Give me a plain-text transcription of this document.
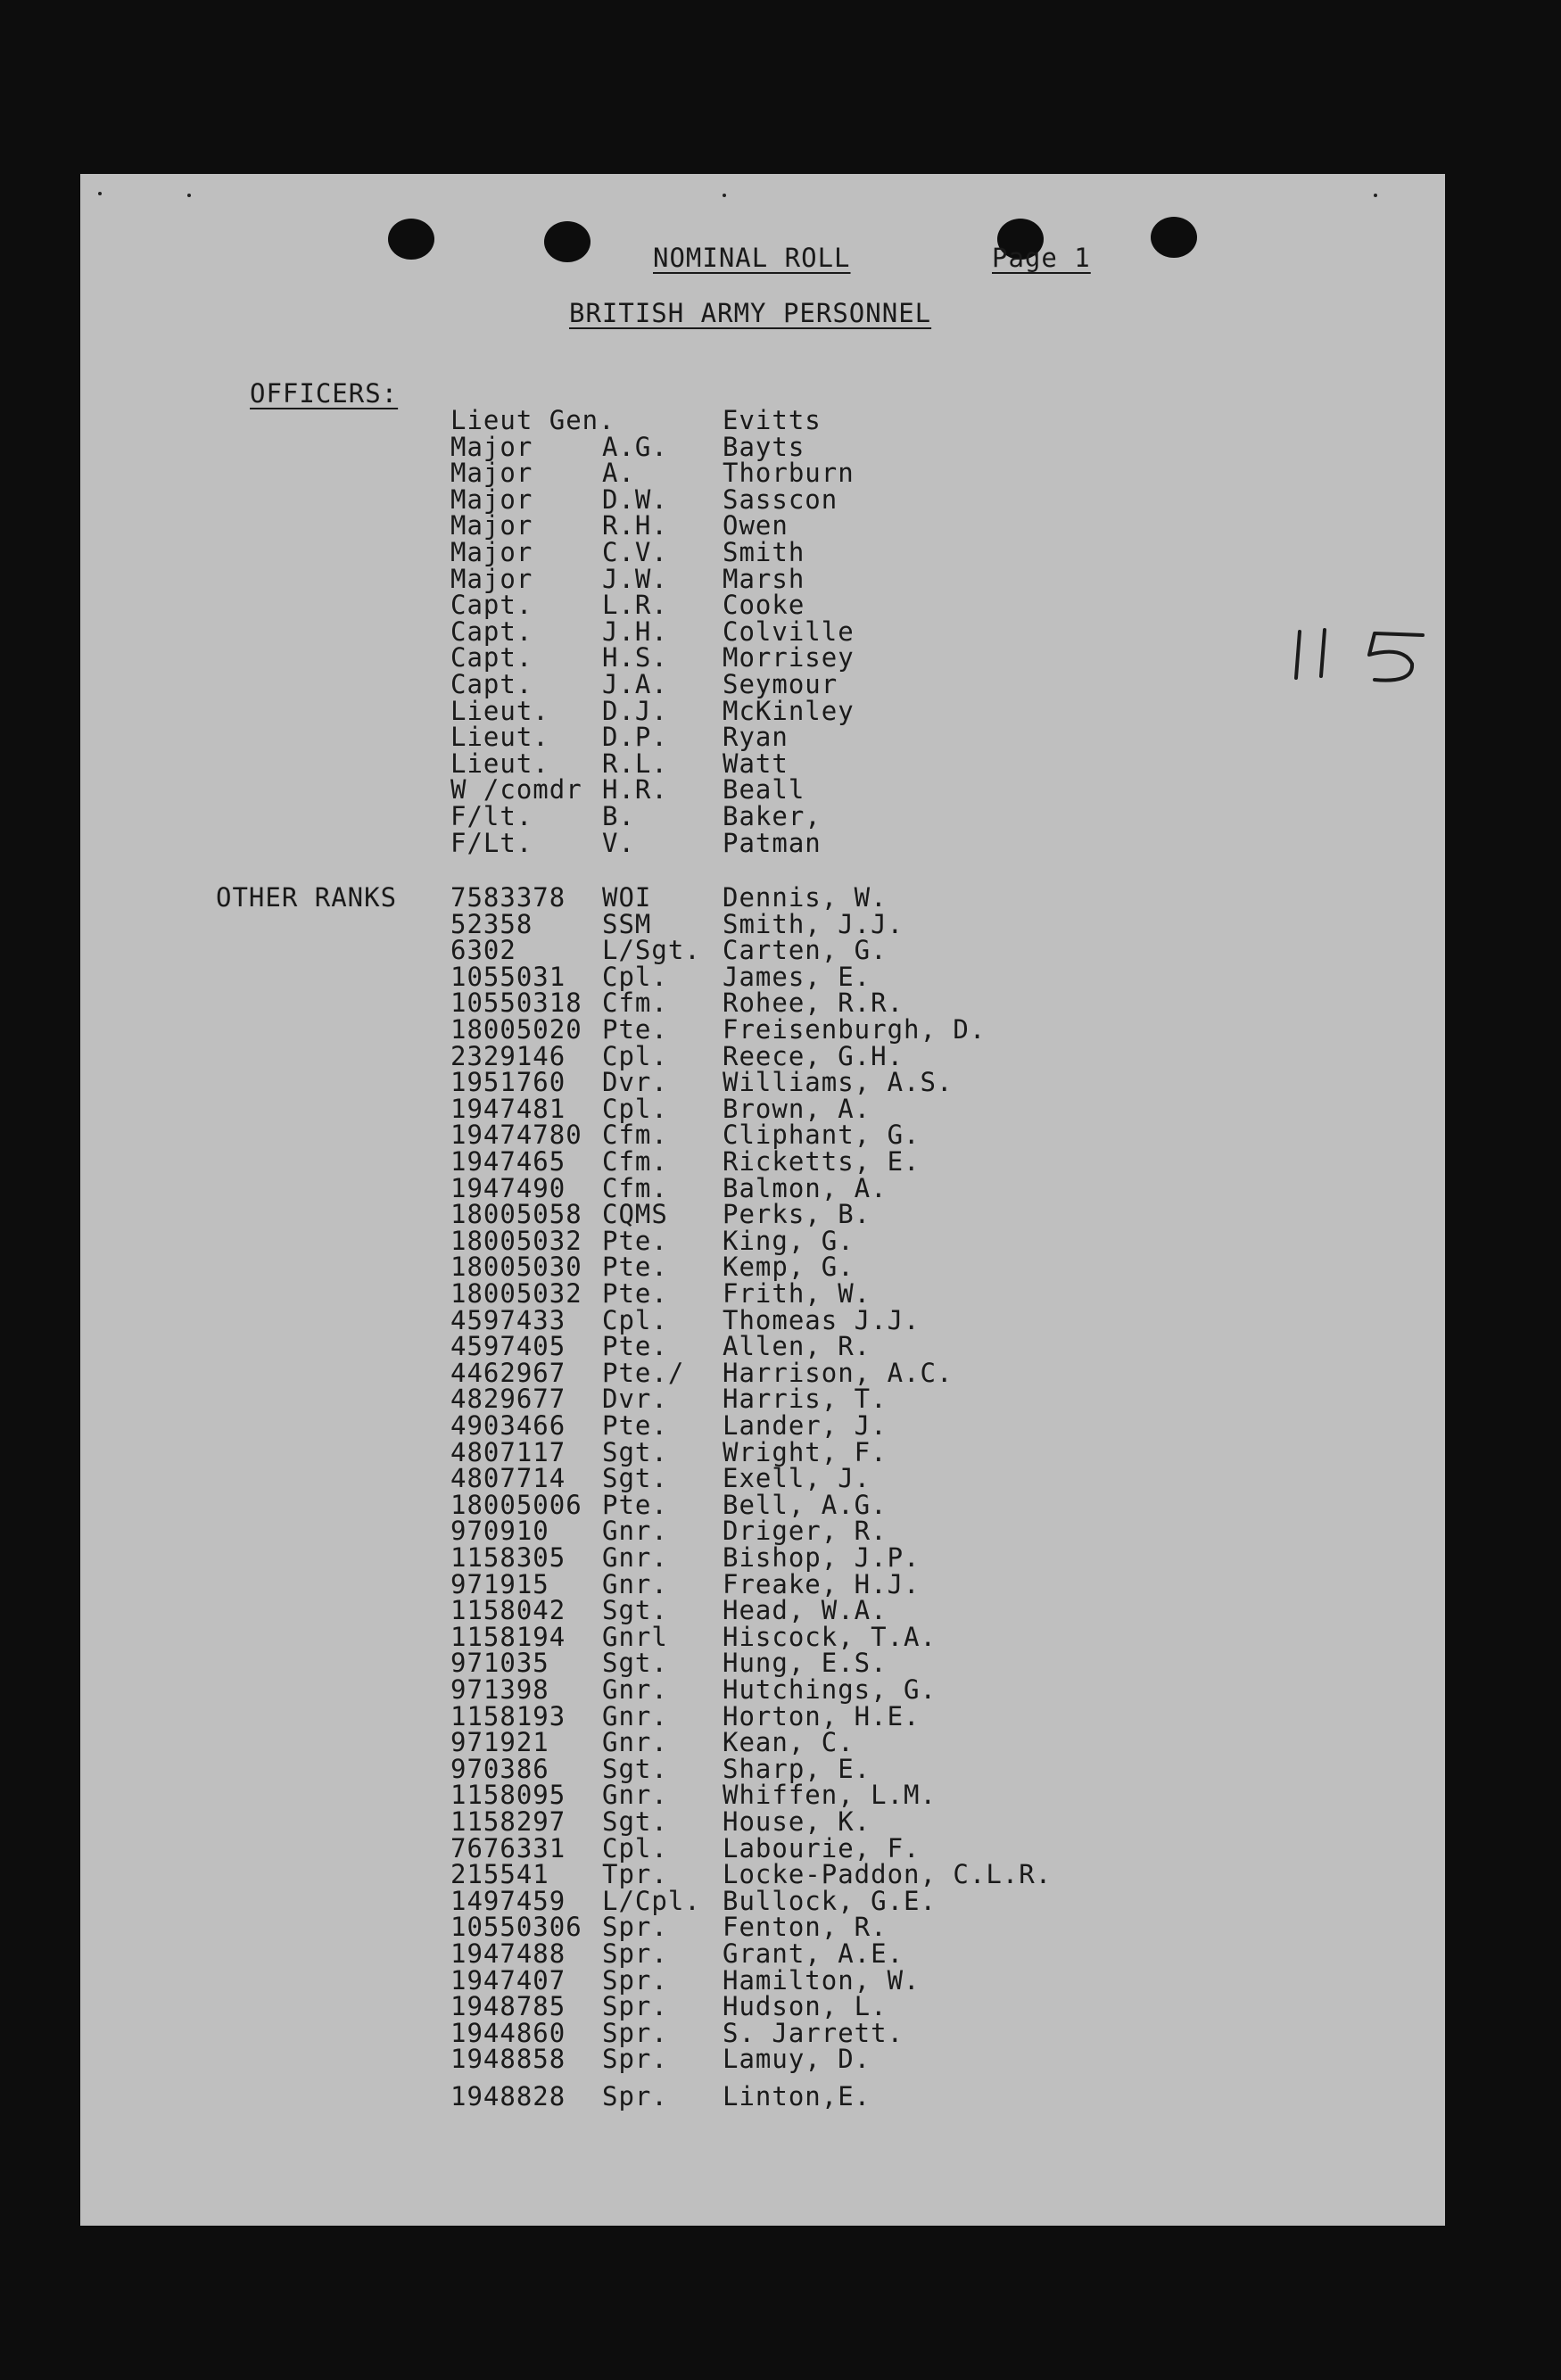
NOMINAL ROLL	Page 1
BRITISH ARMY PERSONNEL
OFFICERS:
Lieut Gen.	Evitts
Major	A.G. Bayts
Major	A.	Thorburn
Major	D.W. Sasscon
Major	R.H. Owen
Major	C.V. Smith
Major	J.W. Marsh
Capt.	L.R. Cooke
Capt.	J.H. Colville
Capt.	H.S. Morrisey
Capt.	J.A. Seymour
Lieut. D.J. McKinley
Lieut. D.P. Ryan
Lieut. R.L. Watt
W /comdr H.R. Beall
F/lt.	B.	Baker,
F/Lt.	V.	Patman
OTHER RANKS 7583378 WOI	Dennis, W.
52358	SSM	Smith, J.J.
6302	L/Sgt. Carten, G.
1055031 Cpl. James, E.
10550318 Cfm. Rohee, R.R.
18005020 Pte. Freisenburgh, D.
2329146 Cpl. Reece, G.H.
1951760 Dvr. Williams, A.S.
1947481 Cpl. Brown, A.
19474780 Cfm. Cliphant, G.
1947465 Cfm. Ricketts, E.
1947490 Cfm. Balmon, A.
18005058 CQMS Perks, B.
18005032 Pte. King, G.
18005030 Pte. Kemp, G.
18005032 Pte. Frith, W.
4597433 Cpl. Thomeas J.J.
4597405 Pte. Allen, R.
4462967 Pte./ Harrison, A.C.
4829677 Dvr. Harris, T.
4903466 Pte. Lander, J.
4807117 Sgt. Wright, F.
4807714 Sgt. Exell, J.
18005006 Pte. Bell, A.G.
970910 Gnr. Driger, R.
1158305 Gnr. Bishop, J.P.
971915 Gnr. Freake, H.J.
1158042 Sgt. Head, W.A.
1158194 Gnrl Hiscock, T.A.
971035 Sgt. Hung, E.S.
971398 Gnr. Hutchings, G.
1158193 Gnr. Horton, H.E.
971921 Gnr. Kean, C.
970386 Sgt. Sharp, E.
1158095 Gnr. Whiffen, L.M.
1158297 Sgt. House, K.
7676331 Cpl. Labourie, F.
215541 Tpr. Locke-Paddon, C.L.R.
1497459 L/Cpl. Bullock, G.E.
10550306 Spr. Fenton, R.
1947488 Spr. Grant, A.E.
1947407 Spr. Hamilton, W.
1948785 Spr. Hudson, L.
1944860 Spr. S. Jarrett.
1948858 Spr. Lamuy, D.
1948828 Spr. Linton,E.
